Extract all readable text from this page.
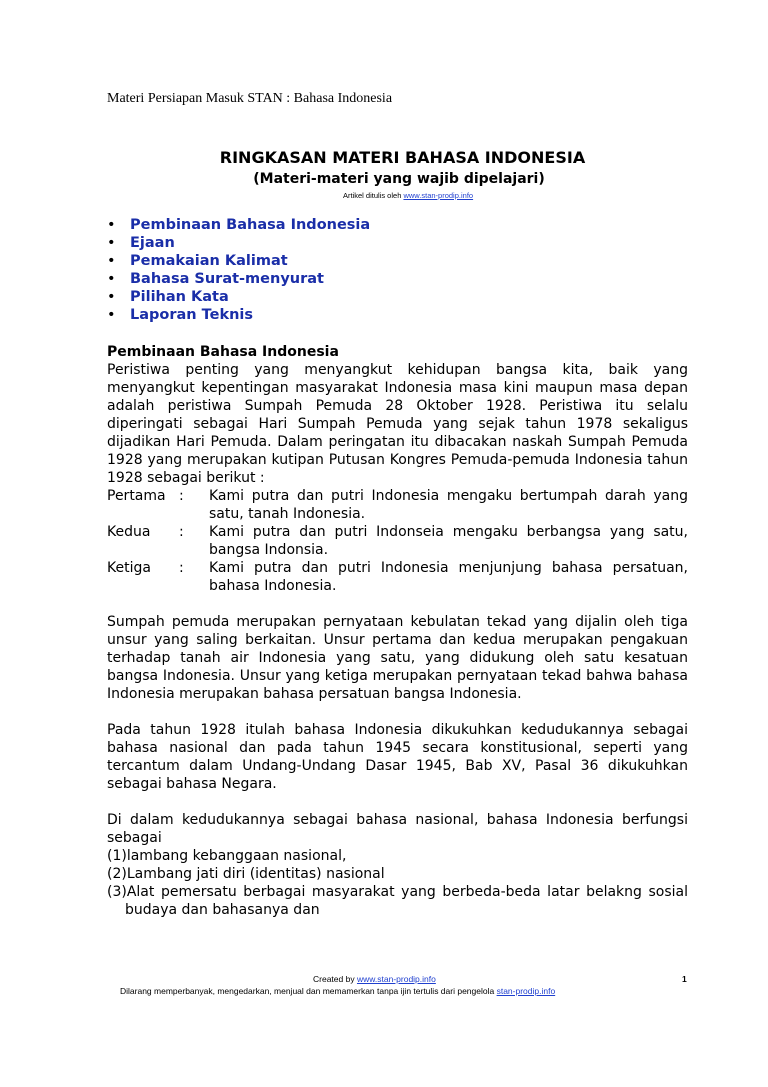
Materi Persiapan Masuk STAN : Bahasa Indonesia
RINGKASAN MATERI BAHASA INDONESIA
(Materi-materi yang wajib dipelajari)
Artikel ditulis oleh www.stan-prodip.info
• Pembinaan Bahasa Indonesia
• Ejaan
• Pemakaian Kalimat
• Bahasa Surat-menyurat
• Pilihan Kata
• Laporan Teknis

Pembinaan Bahasa Indonesia

Peristiwa penting yang menyangkut kehidupan bangsa kita, baik yang menyangkut kepentingan masyarakat Indonesia masa kini maupun masa depan adalah peristiwa Sumpah Pemuda 28 Oktober 1928. Peristiwa itu selalu diperingati sebagai Hari Sumpah Pemuda yang sejak tahun 1978 sekaligus dijadikan Hari Pemuda. Dalam peringatan itu dibacakan naskah Sumpah Pemuda 1928 yang merupakan kutipan Putusan Kongres Pemuda-pemuda Indonesia tahun 1928 sebagai berikut :

Pertama :	Kami putra dan putri Indonesia mengaku bertumpah darah yang satu, tanah Indonesia.
Kedua	:	Kami putra dan putri Indonseia mengaku berbangsa yang satu, bangsa Indonsia.
Ketiga	:	Kami putra dan putri Indonesia menjunjung bahasa persatuan, bahasa Indonesia.

Sumpah pemuda merupakan pernyataan kebulatan tekad yang dijalin oleh tiga unsur yang saling berkaitan. Unsur pertama dan kedua merupakan pengakuan terhadap tanah air Indonesia yang satu, yang didukung oleh satu kesatuan bangsa Indonesia. Unsur yang ketiga merupakan pernyataan tekad bahwa bahasa Indonesia merupakan bahasa persatuan bangsa Indonesia.

Pada tahun 1928 itulah bahasa Indonesia dikukuhkan kedudukannya sebagai bahasa nasional dan pada tahun 1945 secara konstitusional, seperti yang tercantum dalam Undang-Undang Dasar 1945, Bab XV, Pasal 36 dikukuhkan sebagai bahasa Negara.

Di dalam kedudukannya sebagai bahasa nasional, bahasa Indonesia berfungsi sebagai

(1)lambang kebanggaan nasional,

(2)Lambang jati diri (identitas) nasional

(3)Alat pemersatu berbagai masyarakat yang berbeda-beda latar belakng sosial budaya dan bahasanya dan

Created by www.stan-prodip.info	1
Dilarang memperbanyak, mengedarkan, menjual dan memamerkan tanpa ijin tertulis dari pengelola stan-prodip.info
